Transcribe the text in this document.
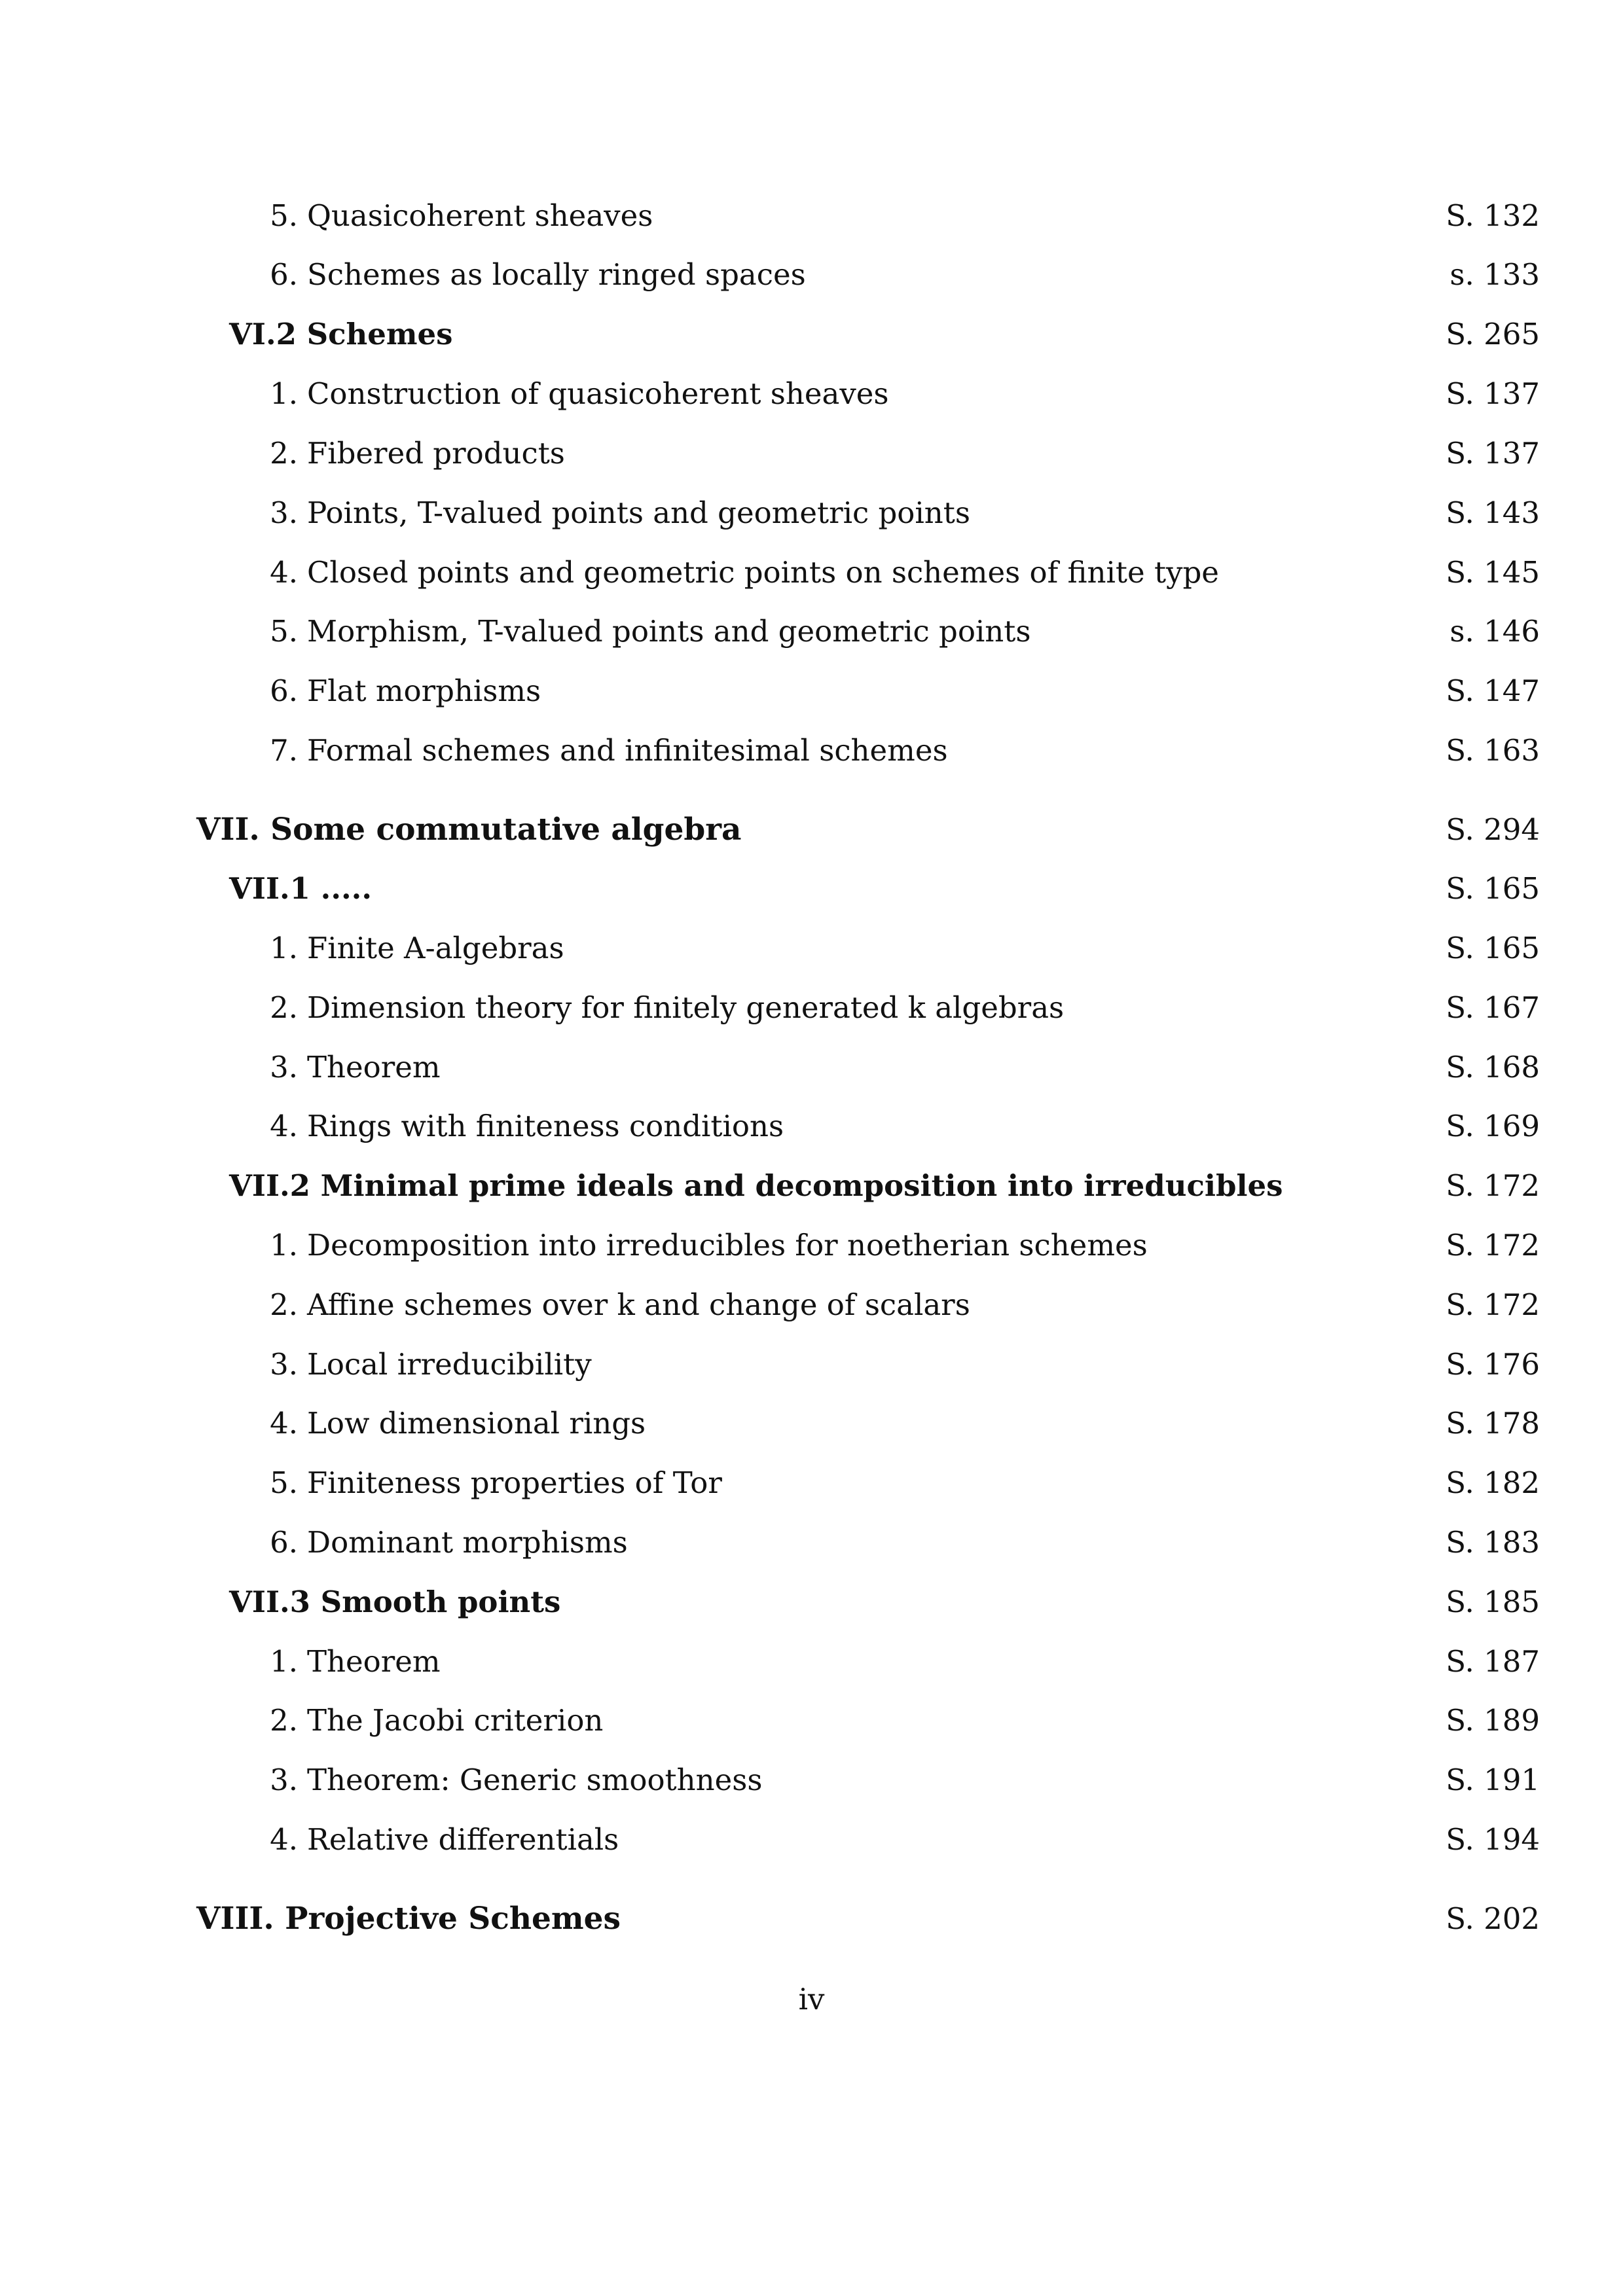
5. Quasicoherent sheaves	S. 132
6. Schemes as locally ringed spaces	s. 133
VI.2 Schemes	S. 265
1. Construction of quasicoherent sheaves	S. 137
2. Fibered products	S. 137
3. Points, T-valued points and geometric points	S. 143
4. Closed points and geometric points on schemes of finite type	S. 145
5. Morphism, T-valued points and geometric points	s. 146
6. Flat morphisms	S. 147
7. Formal schemes and infinitesimal schemes	S. 163
VII. Some commutative algebra	S. 294
VII.1 .....	S. 165
1. Finite A-algebras	S. 165
2. Dimension theory for finitely generated k algebras	S. 167
3. Theorem	S. 168
4. Rings with finiteness conditions	S. 169
VII.2 Minimal prime ideals and decomposition into irreducibles	S. 172
1. Decomposition into irreducibles for noetherian schemes	S. 172
2. Affine schemes over k and change of scalars	S. 172
3. Local irreducibility	S. 176
4. Low dimensional rings	S. 178
5. Finiteness properties of Tor	S. 182
6. Dominant morphisms	S. 183
VII.3 Smooth points	S. 185
1. Theorem	S. 187
2. The Jacobi criterion	S. 189
3. Theorem: Generic smoothness	S. 191
4. Relative differentials	S. 194
VIII. Projective Schemes	S. 202
iv
